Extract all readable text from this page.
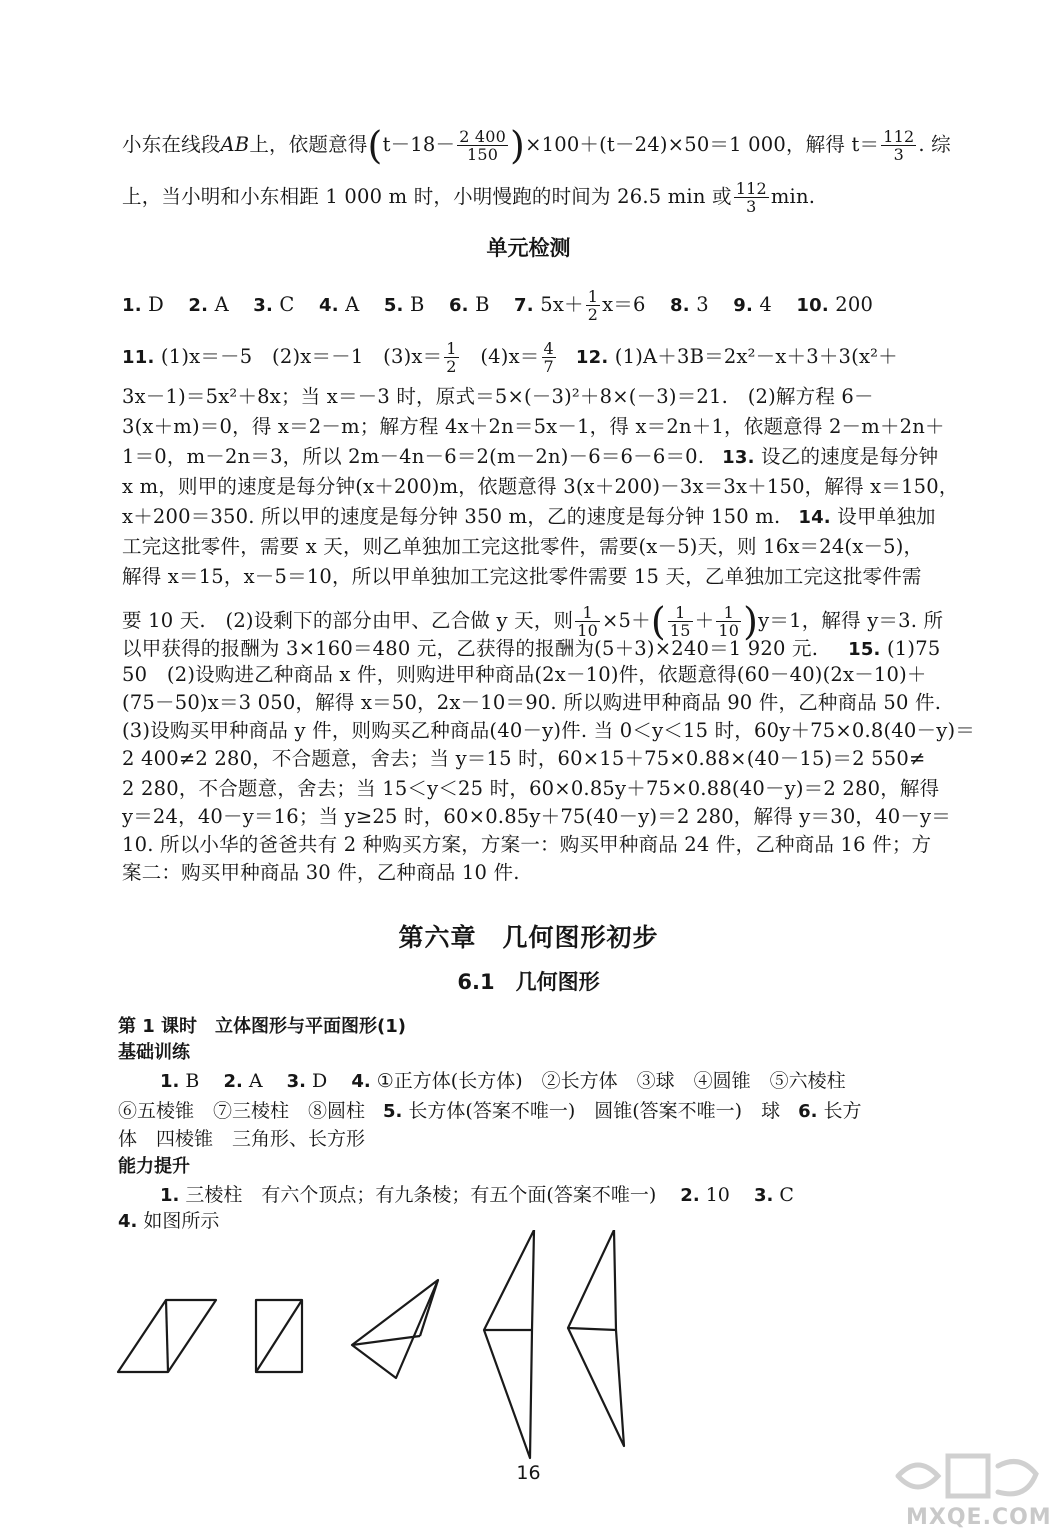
小东在线段AB上，依题意得$(t-18- \frac{2 400}{150} )\times 100+(t-24)\times 50=1$ 000，解得 $t= \frac{112}{3}$ . 综
上，当小明和小东相距 1 000 m 时，小明慢跑的时间为 26.5 min 或 $\frac{112}{3} \min$.
单元检测
1. D 2. A 3. C 4. A 5. B 6. B 7. $5x+ \frac{1}{2} x=6$ 8. 3 9. 4 10. 200
11. (1)x＝－5　(2)x＝－1　$(3)x= \frac{1}{2}$ 　$(4)x= \frac{4}{7} 12$. (1)A＋3B＝2x²－x＋3＋3(x²＋
3x－1)＝5x²＋8x；当 x＝－3 时，原式＝5×(－3)²＋8×(－3)＝21.　(2)解方程 6－
3(x＋m)＝0，得 x＝2－m；解方程 4x＋2n＝5x－1，得 x＝2n＋1，依题意得 2－m＋2n＋
1＝0，m－2n＝3，所以 2m－4n－6＝2(m－2n)－6＝6－6＝0. 13. 设乙的速度是每分钟
x m，则甲的速度是每分钟(x＋200)m，依题意得 3(x＋200)－3x＝3x＋150，解得 x＝150，
x＋200＝350. 所以甲的速度是每分钟 350 m，乙的速度是每分钟 150 m. 14. 设甲单独加
工完这批零件，需要 x 天，则乙单独加工完这批零件，需要(x－5)天，则 16x＝24(x－5)，
解得 x＝15，x－5＝10，所以甲单独加工完这批零件需要 15 天，乙单独加工完这批零件需
要 10 天.　(2)设剩下的部分由甲、乙合做 y 天，则 $\frac{1}{10} \times 5+( \frac{1}{15} + \frac{1}{10} )y=1$，解得 y＝3. 所
以甲获得的报酬为 3×160＝480 元，乙获得的报酬为(5＋3)×240＝1 920 元. 15. (1)75
50　(2)设购进乙种商品 x 件，则购进甲种商品(2x－10)件，依题意得(60－40)(2x－10)＋
(75－50)x＝3 050，解得 x＝50，2x－10＝90. 所以购进甲种商品 90 件，乙种商品 50 件.
(3)设购买甲种商品 y 件，则购买乙种商品(40－y)件. 当 0＜y＜15 时，60y＋75×0.8(40－y)＝
2 400≠2 280，不合题意，舍去；当 y＝15 时，60×15＋75×0.88×(40－15)＝2 550≠
2 280，不合题意，舍去；当 15＜y＜25 时，60×0.85y＋75×0.88(40－y)＝2 280，解得
y＝24，40－y＝16；当 y≥25 时，60×0.85y＋75(40－y)＝2 280，解得 y＝30，40－y＝
10. 所以小华的爸爸共有 2 种购买方案，方案一：购买甲种商品 24 件，乙种商品 16 件；方
案二：购买甲种商品 30 件，乙种商品 10 件.
第六章　几何图形初步
6.1　几何图形
第 1 课时　立体图形与平面图形(1)
基础训练
1. B 2. A 3. D 4. ①正方体(长方体)　②长方体　③球　④圆锥　⑤六棱柱
⑥五棱锥　⑦三棱柱　⑧圆柱 5. 长方体(答案不唯一)　圆锥(答案不唯一)　球 6. 长方
体　四棱锥　三角形、长方形
能力提升
1. 三棱柱　有六个顶点；有九条棱；有五个面(答案不唯一) 2. 10 3. C
4. 如图所示
16
MXQE.COM
